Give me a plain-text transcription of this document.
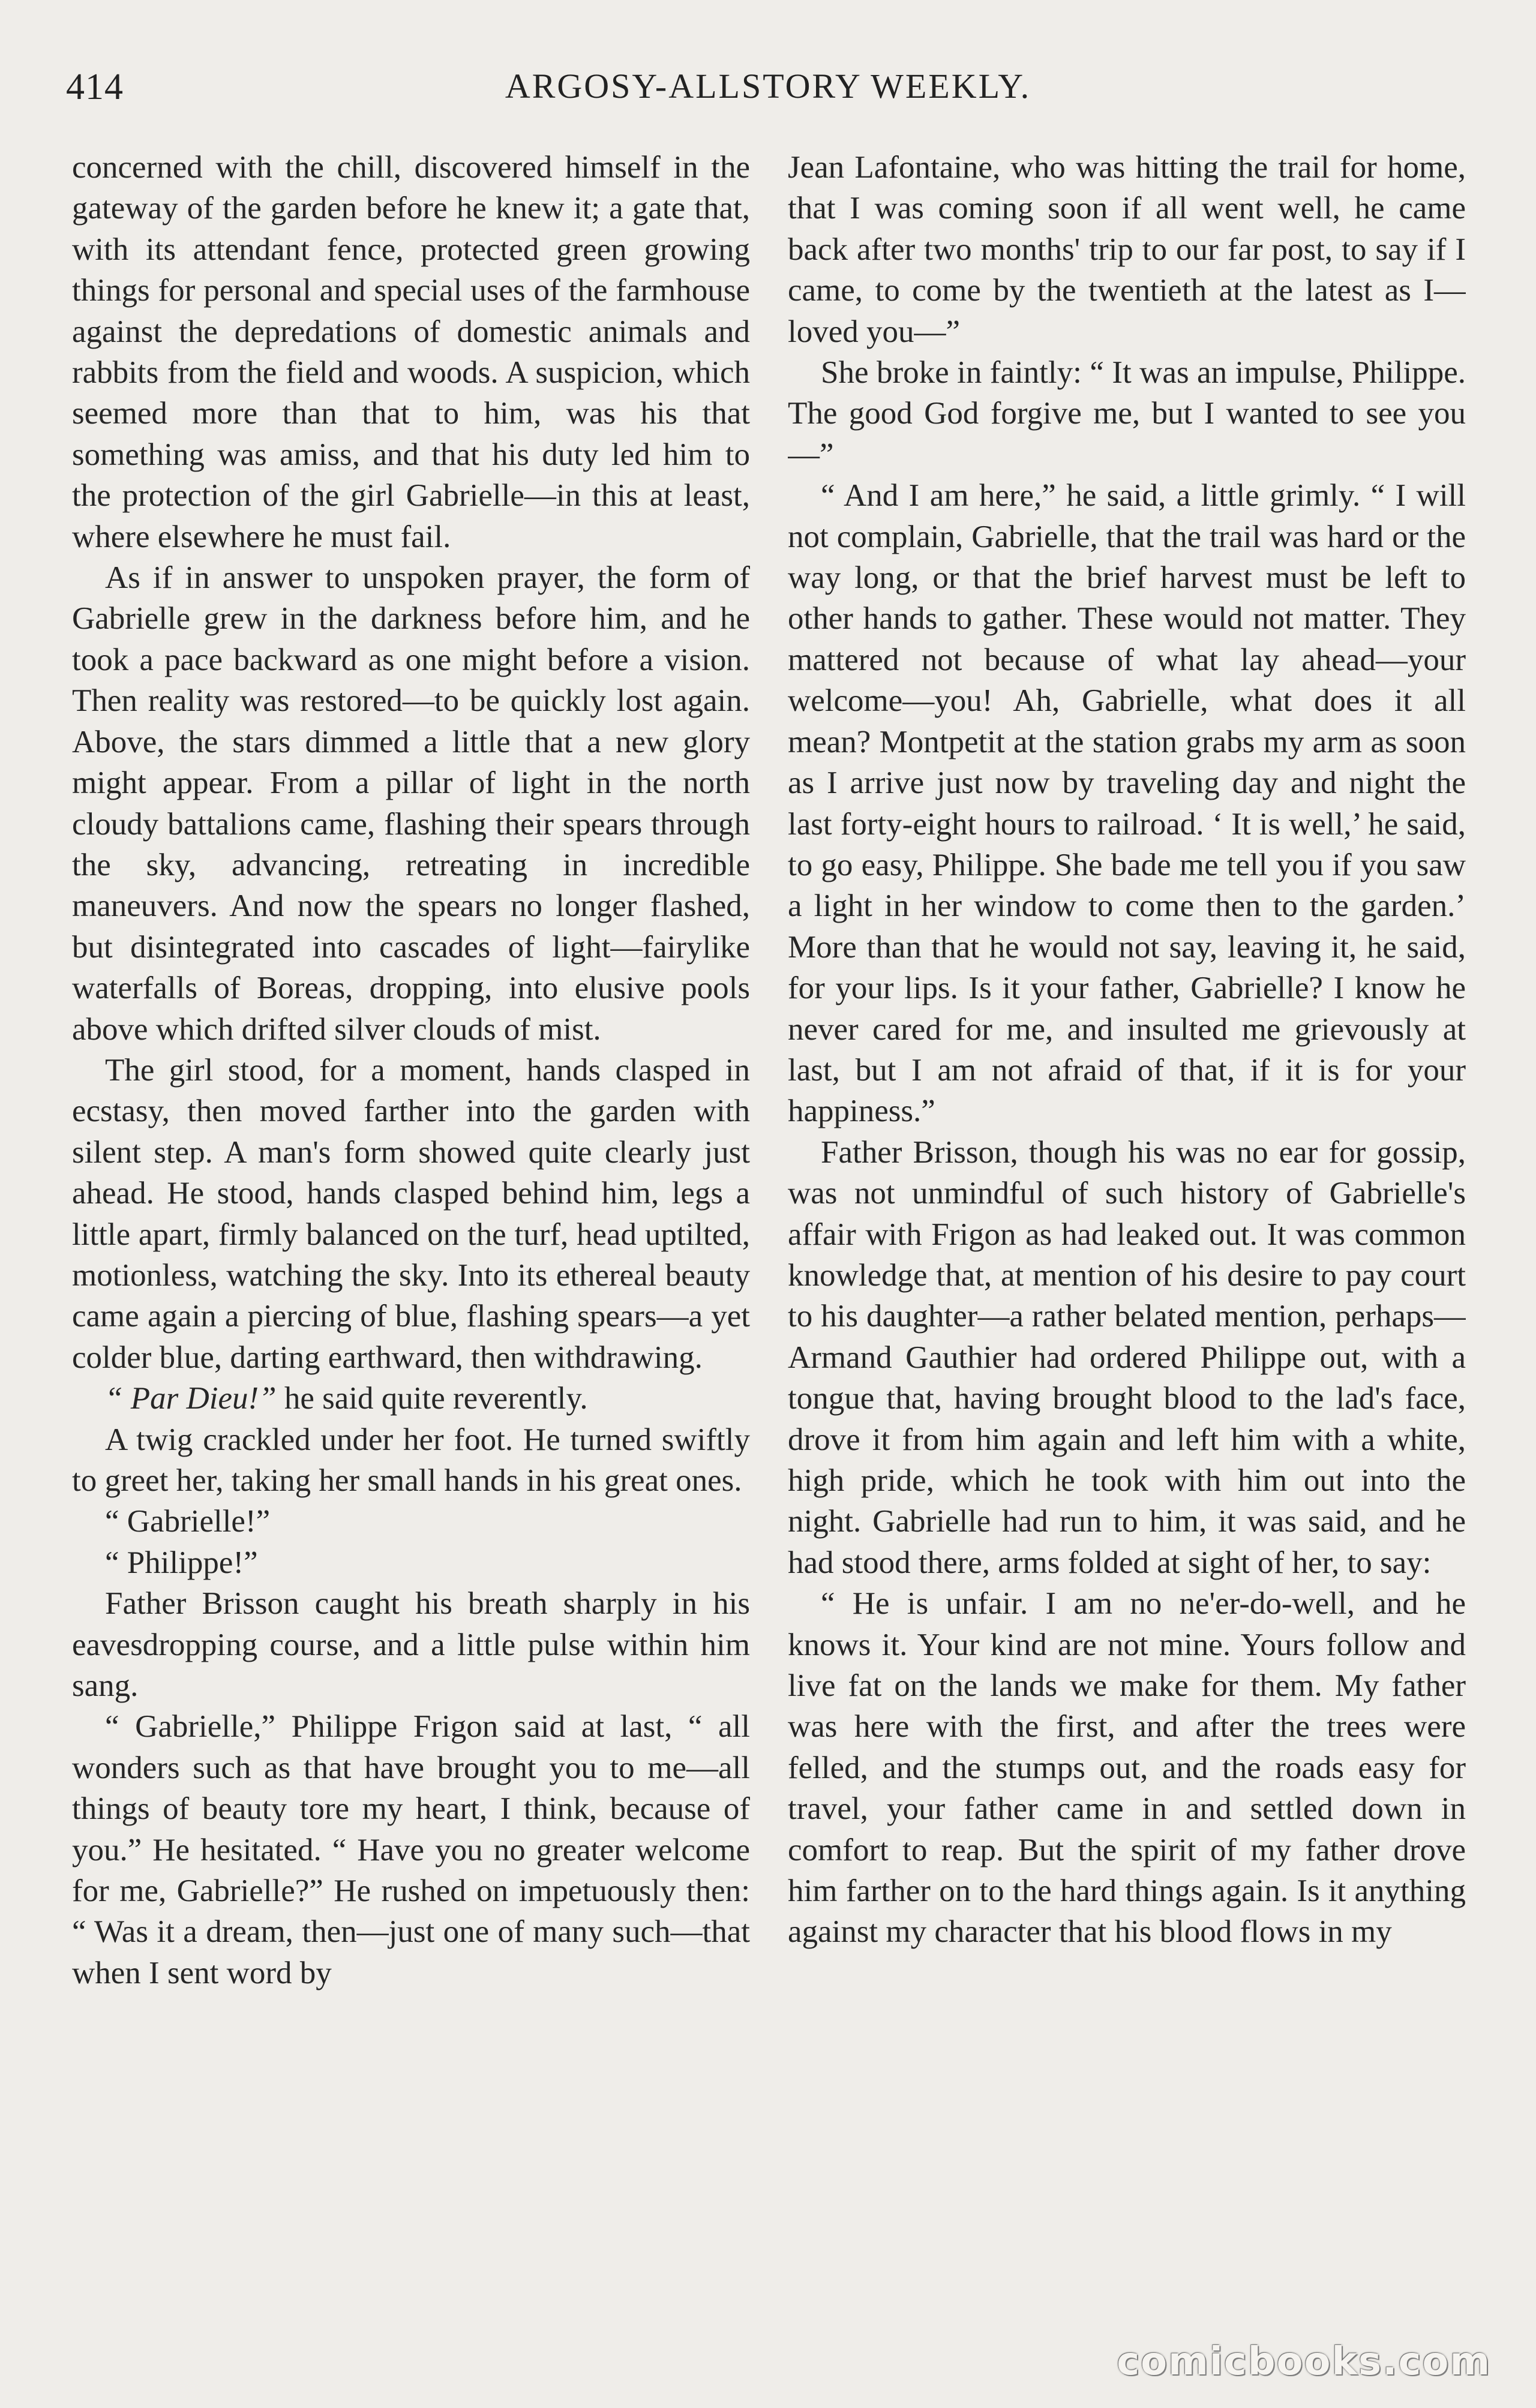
414	ARGOSY-ALLSTORY WEEKLY.

concerned with the chill, discovered himself in the gateway of the garden before he knew it; a gate that, with its attendant fence, protected green growing things for personal and special uses of the farmhouse against the depredations of domestic animals and rabbits from the field and woods. A suspicion, which seemed more than that to him, was his that something was amiss, and that his duty led him to the protection of the girl Gabrielle—in this at least, where elsewhere he must fail.

As if in answer to unspoken prayer, the form of Gabrielle grew in the darkness before him, and he took a pace backward as one might before a vision. Then reality was restored—to be quickly lost again. Above, the stars dimmed a little that a new glory might appear. From a pillar of light in the north cloudy battalions came, flashing their spears through the sky, advancing, retreating in incredible maneuvers. And now the spears no longer flashed, but disintegrated into cascades of light—fairylike waterfalls of Boreas, dropping, into elusive pools above which drifted silver clouds of mist.

The girl stood, for a moment, hands clasped in ecstasy, then moved farther into the garden with silent step. A man's form showed quite clearly just ahead. He stood, hands clasped behind him, legs a little apart, firmly balanced on the turf, head uptilted, motionless, watching the sky. Into its ethereal beauty came again a piercing of blue, flashing spears—a yet colder blue, darting earthward, then withdrawing.

“ Par Dieu!” he said quite reverently.

A twig crackled under her foot. He turned swiftly to greet her, taking her small hands in his great ones.

“ Gabrielle!”

“ Philippe!”

Father Brisson caught his breath sharply in his eavesdropping course, and a little pulse within him sang.

“ Gabrielle,” Philippe Frigon said at last, “ all wonders such as that have brought you to me—all things of beauty tore my heart, I think, because of you.” He hesitated. “ Have you no greater welcome for me, Gabrielle?” He rushed on impetuously then: “ Was it a dream, then—just one of many such—that when I sent word by

Jean Lafontaine, who was hitting the trail for home, that I was coming soon if all went well, he came back after two months' trip to our far post, to say if I came, to come by the twentieth at the latest as I—loved you—”

She broke in faintly: “ It was an impulse, Philippe. The good God forgive me, but I wanted to see you—”

“ And I am here,” he said, a little grimly. “ I will not complain, Gabrielle, that the trail was hard or the way long, or that the brief harvest must be left to other hands to gather. These would not matter. They mattered not because of what lay ahead—your welcome—you! Ah, Gabrielle, what does it all mean? Montpetit at the station grabs my arm as soon as I arrive just now by traveling day and night the last forty-eight hours to railroad. ‘ It is well,’ he said, to go easy, Philippe. She bade me tell you if you saw a light in her window to come then to the garden.’ More than that he would not say, leaving it, he said, for your lips. Is it your father, Gabrielle? I know he never cared for me, and insulted me grievously at last, but I am not afraid of that, if it is for your happiness.”

Father Brisson, though his was no ear for gossip, was not unmindful of such history of Gabrielle's affair with Frigon as had leaked out. It was common knowledge that, at mention of his desire to pay court to his daughter—a rather belated mention, perhaps—Armand Gauthier had ordered Philippe out, with a tongue that, having brought blood to the lad's face, drove it from him again and left him with a white, high pride, which he took with him out into the night. Gabrielle had run to him, it was said, and he had stood there, arms folded at sight of her, to say:

“ He is unfair. I am no ne'er-do-well, and he knows it. Your kind are not mine. Yours follow and live fat on the lands we make for them. My father was here with the first, and after the trees were felled, and the stumps out, and the roads easy for travel, your father came in and settled down in comfort to reap. But the spirit of my father drove him farther on to the hard things again. Is it anything against my character that his blood flows in my

comicbooks.com
